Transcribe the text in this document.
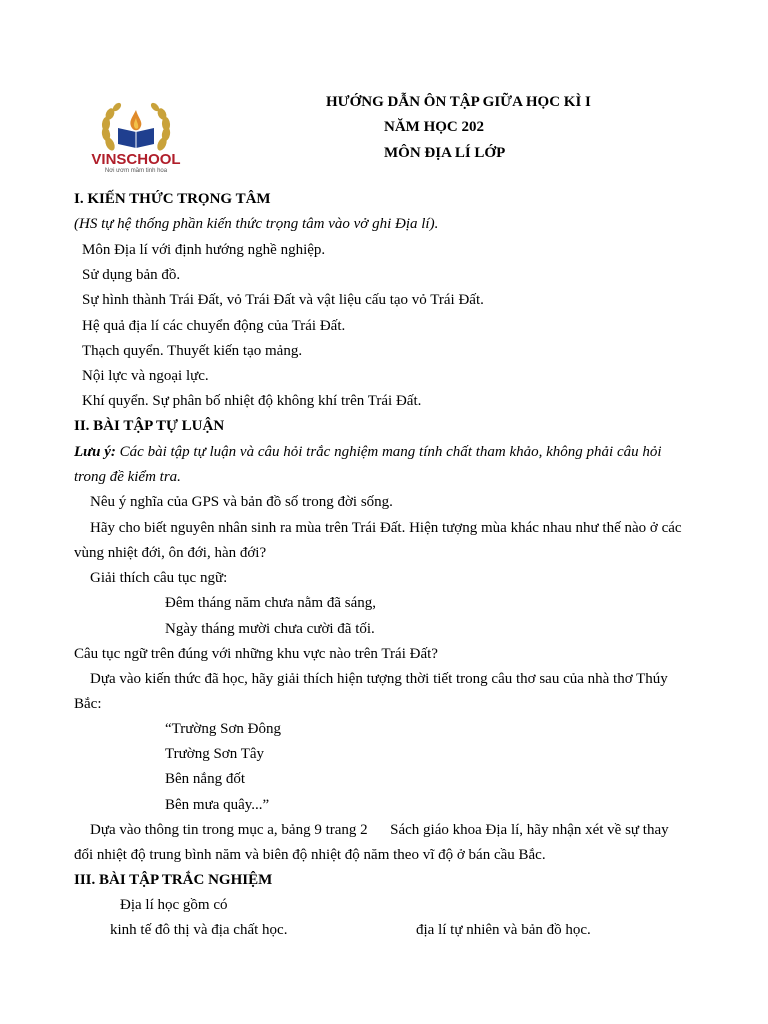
VINSCHOOL
Nơi ươm mầm tinh hoa
HƯỚNG DẪN ÔN TẬP GIỮA HỌC KÌ I
NĂM HỌC 202
MÔN ĐỊA LÍ LỚP
I. KIẾN THỨC TRỌNG TÂM
(HS tự hệ thống phần kiến thức trọng tâm vào vở ghi Địa lí).
Môn Địa lí với định hướng nghề nghiệp.
Sử dụng bản đồ.
Sự hình thành Trái Đất, vỏ Trái Đất và vật liệu cấu tạo vỏ Trái Đất.
Hệ quả địa lí các chuyển động của Trái Đất.
Thạch quyển. Thuyết kiến tạo mảng.
Nội lực và ngoại lực.
Khí quyển. Sự phân bố nhiệt độ không khí trên Trái Đất.
II. BÀI TẬP TỰ LUẬN
Lưu ý: Các bài tập tự luận và câu hỏi trắc nghiệm mang tính chất tham khảo, không phải câu hỏi
trong đề kiểm tra.
Nêu ý nghĩa của GPS và bản đồ số trong đời sống.
Hãy cho biết nguyên nhân sinh ra mùa trên Trái Đất. Hiện tượng mùa khác nhau như thế nào ở các
vùng nhiệt đới, ôn đới, hàn đới?
Giải thích câu tục ngữ:
Đêm tháng năm chưa nằm đã sáng,
Ngày tháng mười chưa cười đã tối.
Câu tục ngữ trên đúng với những khu vực nào trên Trái Đất?
Dựa vào kiến thức đã học, hãy giải thích hiện tượng thời tiết trong câu thơ sau của nhà thơ Thúy
Bắc:
“Trường Sơn Đông
Trường Sơn Tây
Bên nắng đốt
Bên mưa quây...”
Dựa vào thông tin trong mục a, bảng 9 trang 2      Sách giáo khoa Địa lí, hãy nhận xét về sự thay
đổi nhiệt độ trung bình năm và biên độ nhiệt độ năm theo vĩ độ ở bán cầu Bắc.
III. BÀI TẬP TRẮC NGHIỆM
Địa lí học gồm có
kinh tế đô thị và địa chất học.	địa lí tự nhiên và bản đồ học.
